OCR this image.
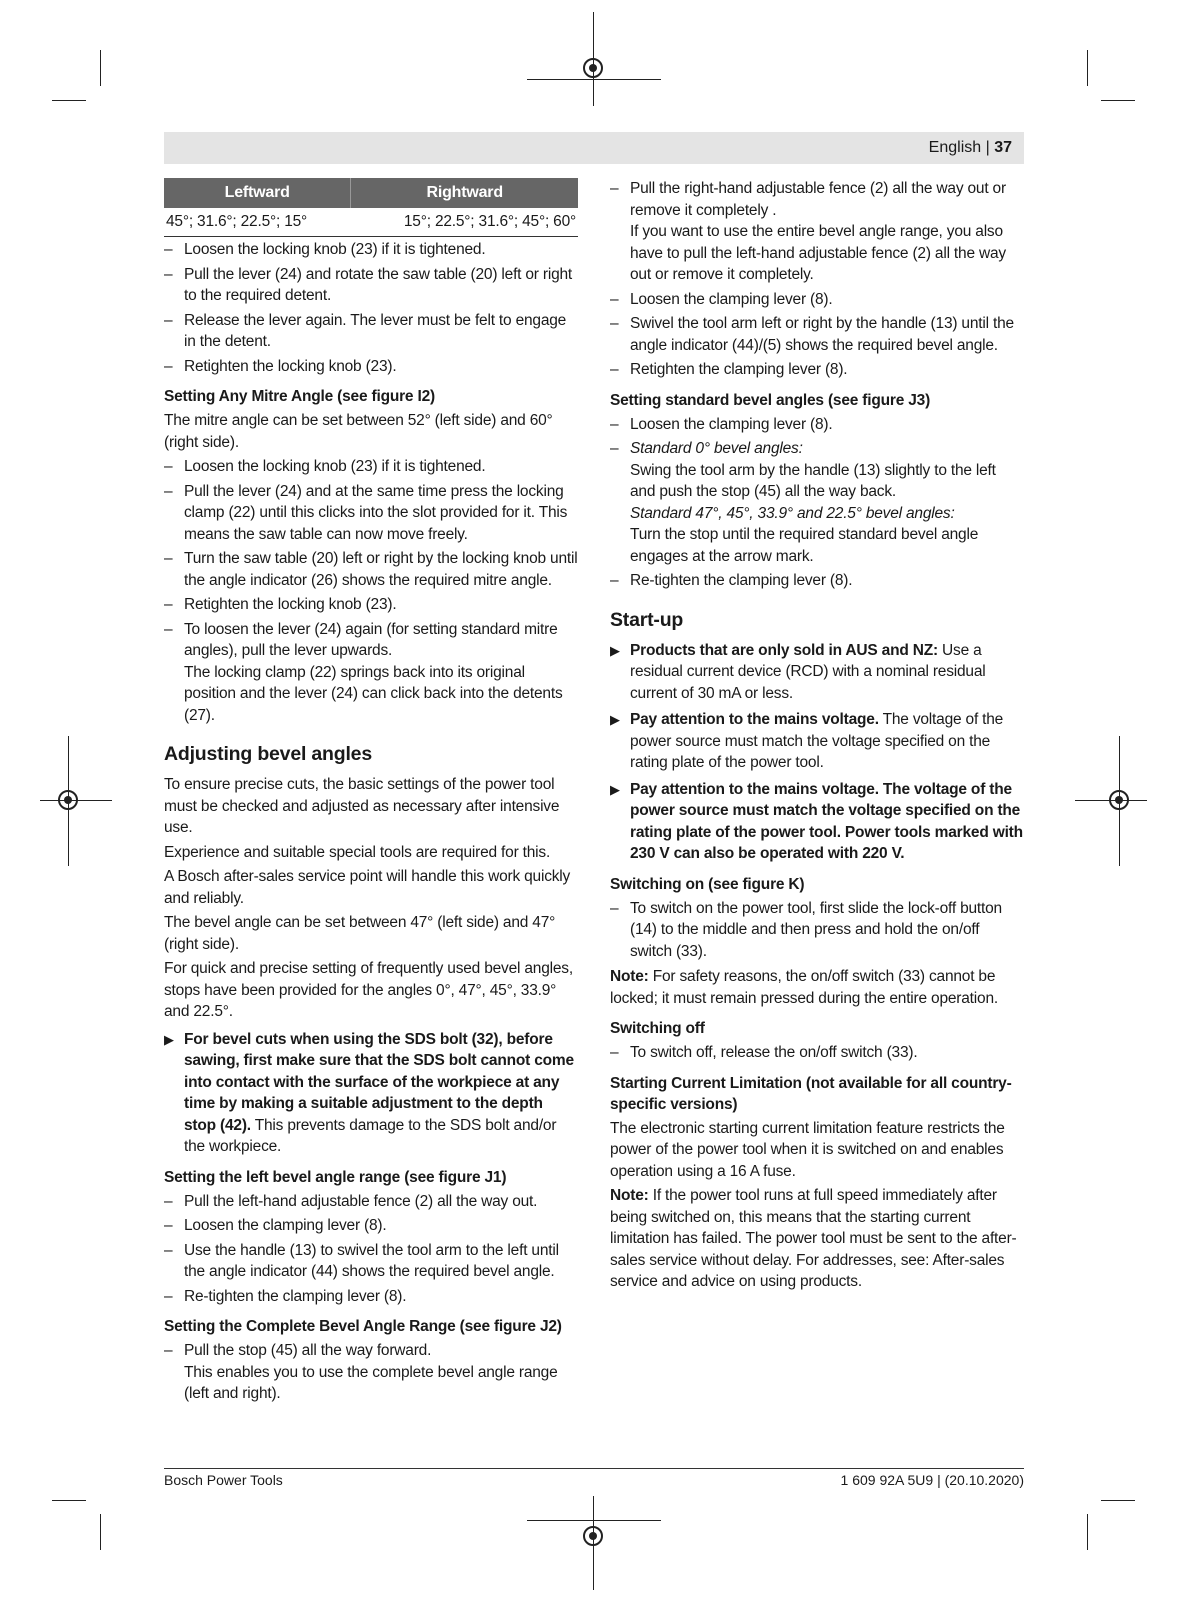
English | 37
Leftward	Rightward
45°; 31.6°; 22.5°; 15°	15°; 22.5°; 31.6°; 45°; 60°
– Loosen the locking knob (23) if it is tightened.
– Pull the lever (24) and rotate the saw table (20) left or right to the required detent.
– Release the lever again. The lever must be felt to engage in the detent.
– Retighten the locking knob (23).
Setting Any Mitre Angle (see figure I2)

The mitre angle can be set between 52° (left side) and 60° (right side).

– Loosen the locking knob (23) if it is tightened.
– Pull the lever (24) and at the same time press the locking clamp (22) until this clicks into the slot provided for it. This means the saw table can now move freely.
– Turn the saw table (20) left or right by the locking knob until the angle indicator (26) shows the required mitre angle.
– Retighten the locking knob (23).
– To loosen the lever (24) again (for setting standard mitre angles), pull the lever upwards.
The locking clamp (22) springs back into its original position and the lever (24) can click back into the detents (27).
Adjusting bevel angles

To ensure precise cuts, the basic settings of the power tool must be checked and adjusted as necessary after intensive use.

Experience and suitable special tools are required for this.

A Bosch after-sales service point will handle this work quickly and reliably.

The bevel angle can be set between 47° (left side) and 47° (right side).

For quick and precise setting of frequently used bevel angles, stops have been provided for the angles 0°, 47°, 45°, 33.9° and 22.5°.

▶ For bevel cuts when using the SDS bolt (32), before sawing, first make sure that the SDS bolt cannot come into contact with the surface of the workpiece at any time by making a suitable adjustment to the depth stop (42). This prevents damage to the SDS bolt and/or the workpiece.
Setting the left bevel angle range (see figure J1)
– Pull the left-hand adjustable fence (2) all the way out.
– Loosen the clamping lever (8).
– Use the handle (13) to swivel the tool arm to the left until the angle indicator (44) shows the required bevel angle.
– Re-tighten the clamping lever (8).
Setting the Complete Bevel Angle Range (see figure J2)
– Pull the stop (45) all the way forward.
This enables you to use the complete bevel angle range (left and right).
– Pull the right-hand adjustable fence (2) all the way out or remove it completely .
If you want to use the entire bevel angle range, you also have to pull the left-hand adjustable fence (2) all the way out or remove it completely.
– Loosen the clamping lever (8).
– Swivel the tool arm left or right by the handle (13) until the angle indicator (44)/(5) shows the required bevel angle.
– Retighten the clamping lever (8).
Setting standard bevel angles (see figure J3)
– Loosen the clamping lever (8).
– Standard 0° bevel angles:
Swing the tool arm by the handle (13) slightly to the left and push the stop (45) all the way back.
Standard 47°, 45°, 33.9° and 22.5° bevel angles:
Turn the stop until the required standard bevel angle engages at the arrow mark.
– Re-tighten the clamping lever (8).
Start-up
▶ Products that are only sold in AUS and NZ: Use a residual current device (RCD) with a nominal residual current of 30 mA or less.
▶ Pay attention to the mains voltage. The voltage of the power source must match the voltage specified on the rating plate of the power tool.
▶ Pay attention to the mains voltage. The voltage of the power source must match the voltage specified on the rating plate of the power tool. Power tools marked with 230 V can also be operated with 220 V.
Switching on (see figure K)
– To switch on the power tool, first slide the lock-off button (14) to the middle and then press and hold the on/off switch (33).

Note: For safety reasons, the on/off switch (33) cannot be locked; it must remain pressed during the entire operation.

Switching off
– To switch off, release the on/off switch (33).
Starting Current Limitation (not available for all country-specific versions)

The electronic starting current limitation feature restricts the power of the power tool when it is switched on and enables operation using a 16 A fuse.

Note: If the power tool runs at full speed immediately after being switched on, this means that the starting current limitation has failed. The power tool must be sent to the after-sales service without delay. For addresses, see: After-sales service and advice on using products.

Bosch Power Tools	1 609 92A 5U9 | (20.10.2020)
